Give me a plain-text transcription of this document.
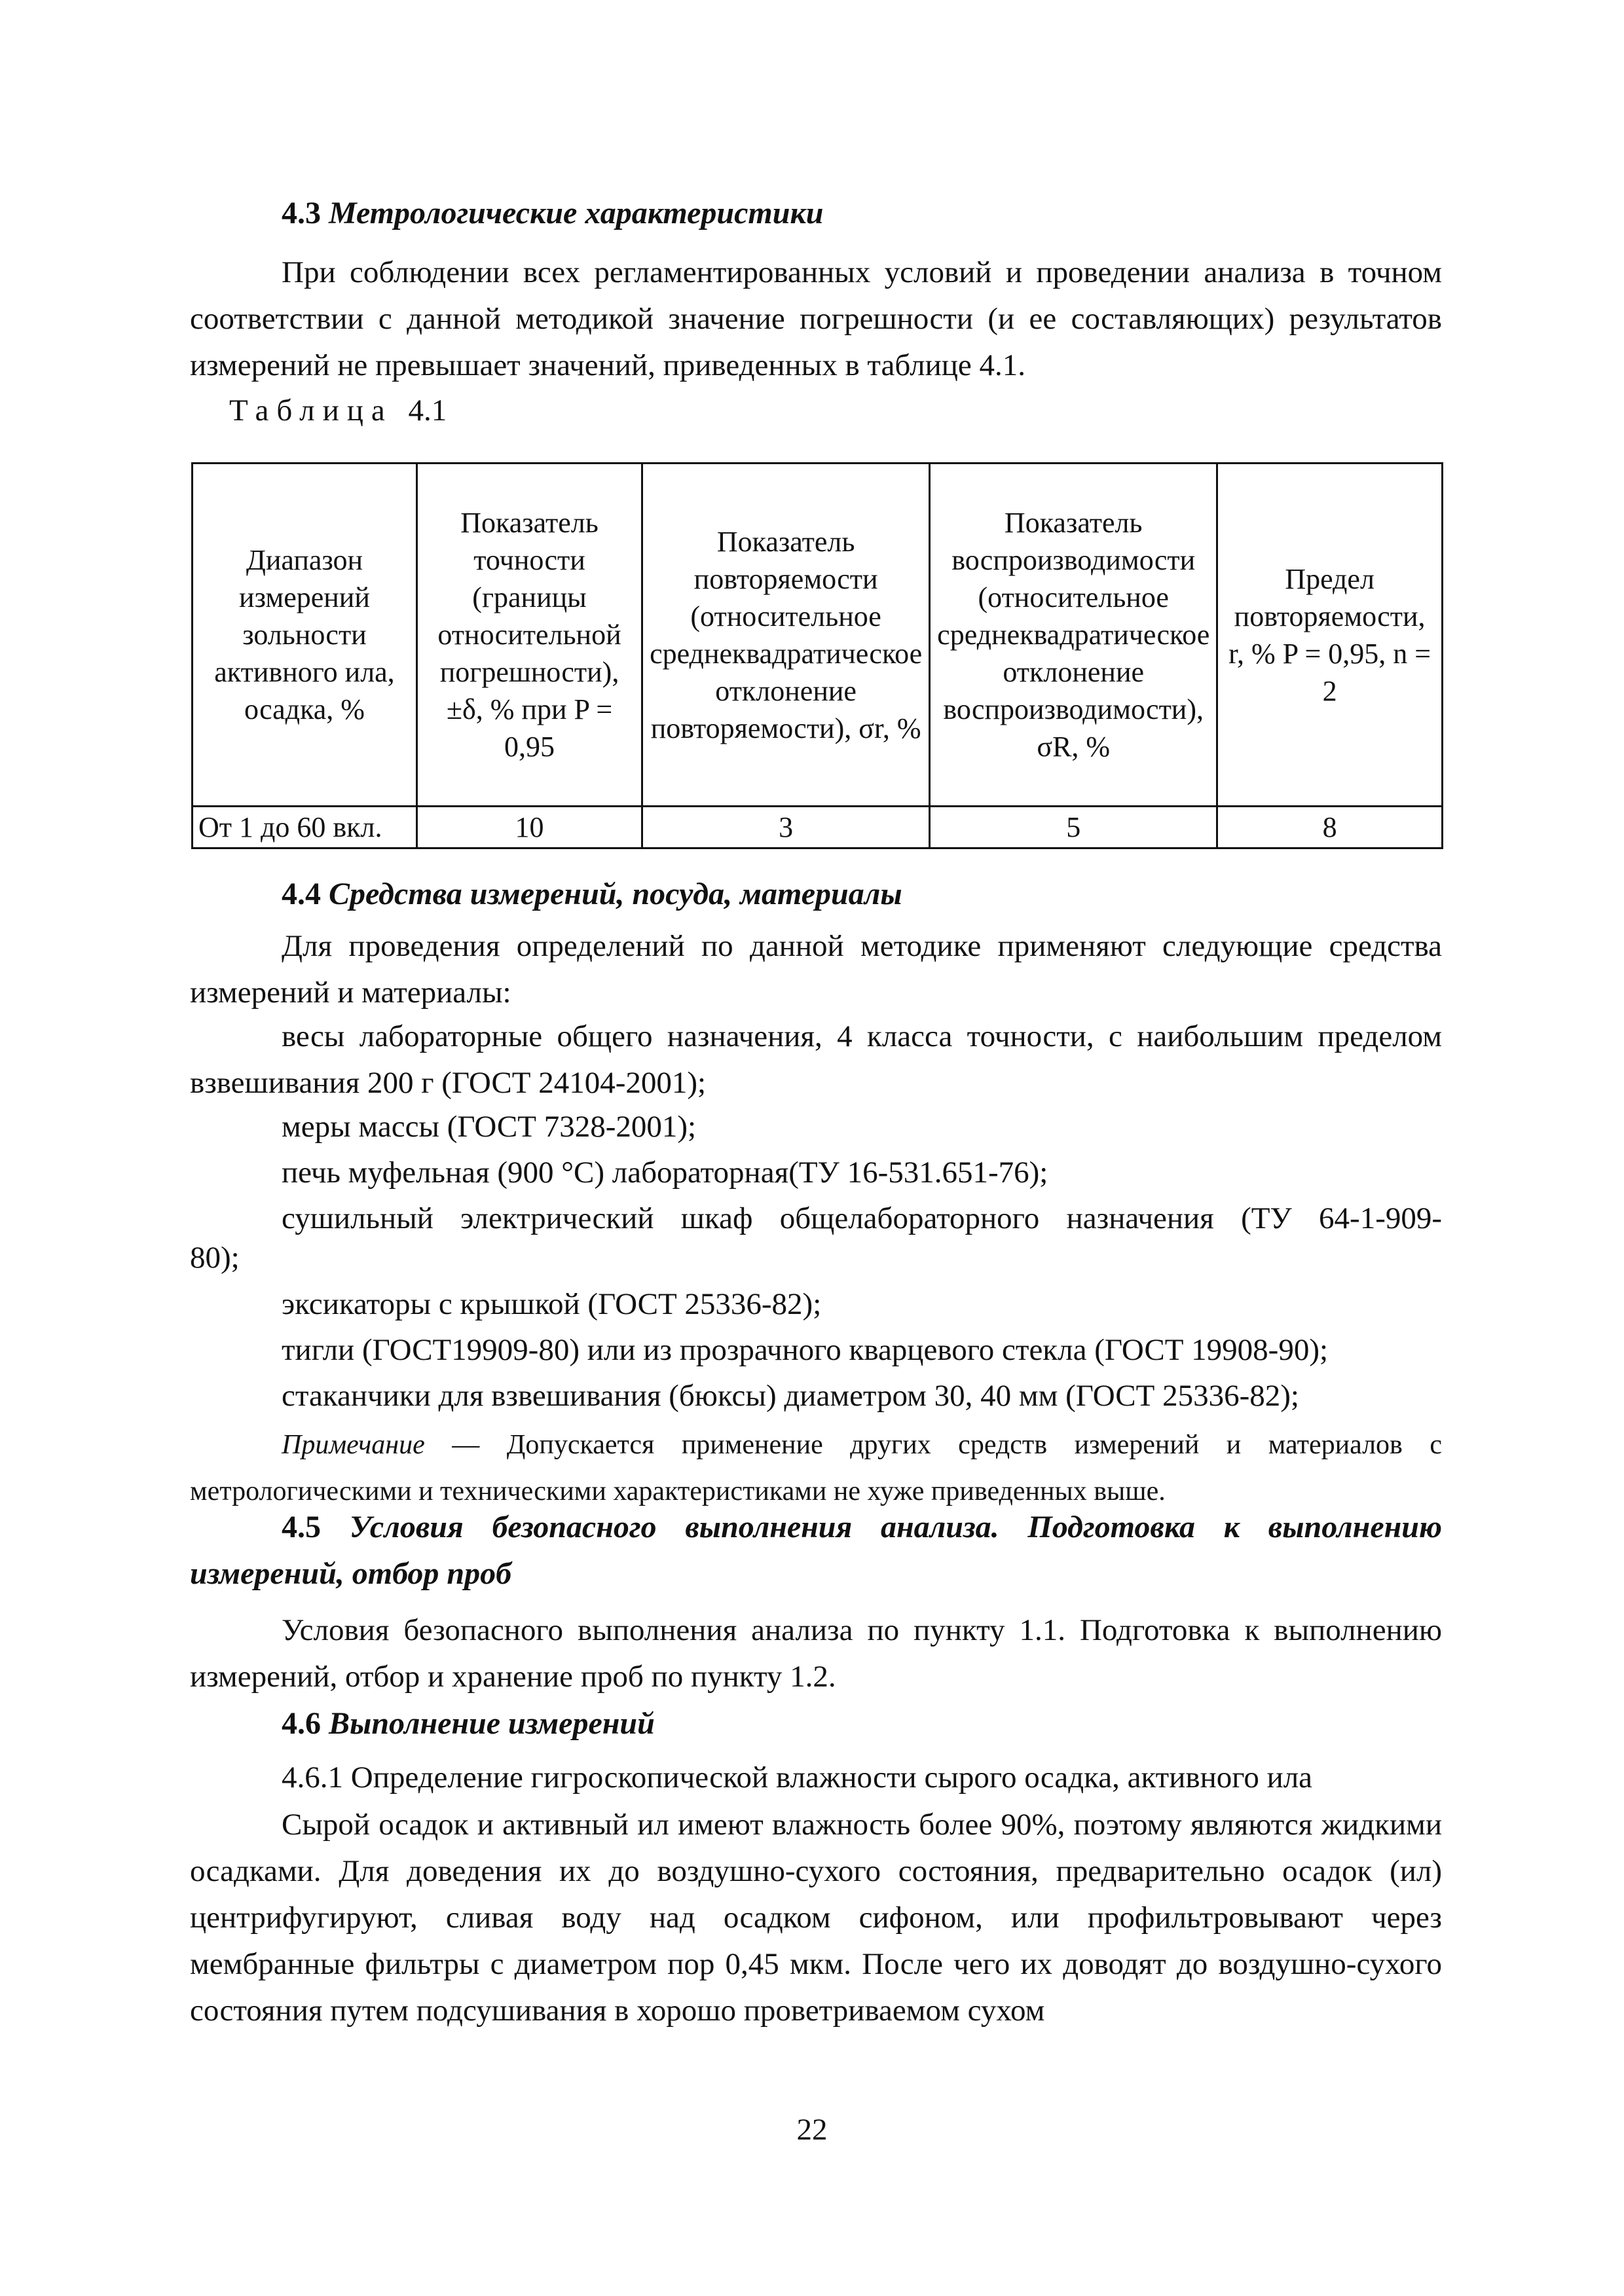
4.3 Метрологические характеристики

При соблюдении всех регламентированных условий и проведении анализа в точном соответствии с данной методикой значение погрешности (и ее составляющих) результатов измерений не превышает значений, приведенных в таблице 4.1.

Таблица 4.1
Диапазон измерений зольности активного ила, осадка, %	Показатель точности (границы относительной погрешности), ±δ, % при P = 0,95	Показатель повторяемости (относительное среднеквадратическое отклонение повторяемости), σr, %	Показатель воспроизводимости (относительное среднеквадратическое отклонение воспроизводимости), σR, %	Предел повторяемости, r, % P = 0,95, n = 2
От 1 до 60 вкл.	10	3	5	8
4.4 Средства измерений, посуда, материалы

Для проведения определений по данной методике применяют следующие средства измерений и материалы:

весы лабораторные общего назначения, 4 класса точности, с наибольшим пределом взвешивания 200 г (ГОСТ 24104-2001);

меры массы (ГОСТ 7328-2001);
печь муфельная (900 °С) лабораторная(ТУ 16-531.651-76);
сушильный электрический шкаф общелабораторного назначения (ТУ 64-1-909-
80);
эксикаторы с крышкой (ГОСТ 25336-82);
тигли (ГОСТ19909-80) или из прозрачного кварцевого стекла (ГОСТ 19908-90);
стаканчики для взвешивания (бюксы) диаметром 30, 40 мм (ГОСТ 25336-82);
Примечание — Допускается применение других средств измерений и материалов с метрологическими и техническими характеристиками не хуже приведенных выше.
4.5 Условия безопасного выполнения анализа. Подготовка к выполнению измерений, отбор проб

Условия безопасного выполнения анализа по пункту 1.1. Подготовка к выполнению измерений, отбор и хранение проб по пункту 1.2.

4.6 Выполнение измерений
4.6.1 Определение гигроскопической влажности сырого осадка, активного ила

Сырой осадок и активный ил имеют влажность более 90%, поэтому являются жидкими осадками. Для доведения их до воздушно-сухого состояния, предварительно осадок (ил) центрифугируют, сливая воду над осадком сифоном, или профильтровывают через мембранные фильтры с диаметром пор 0,45 мкм. После чего их доводят до воздушно-сухого состояния путем подсушивания в хорошо проветриваемом сухом

22
